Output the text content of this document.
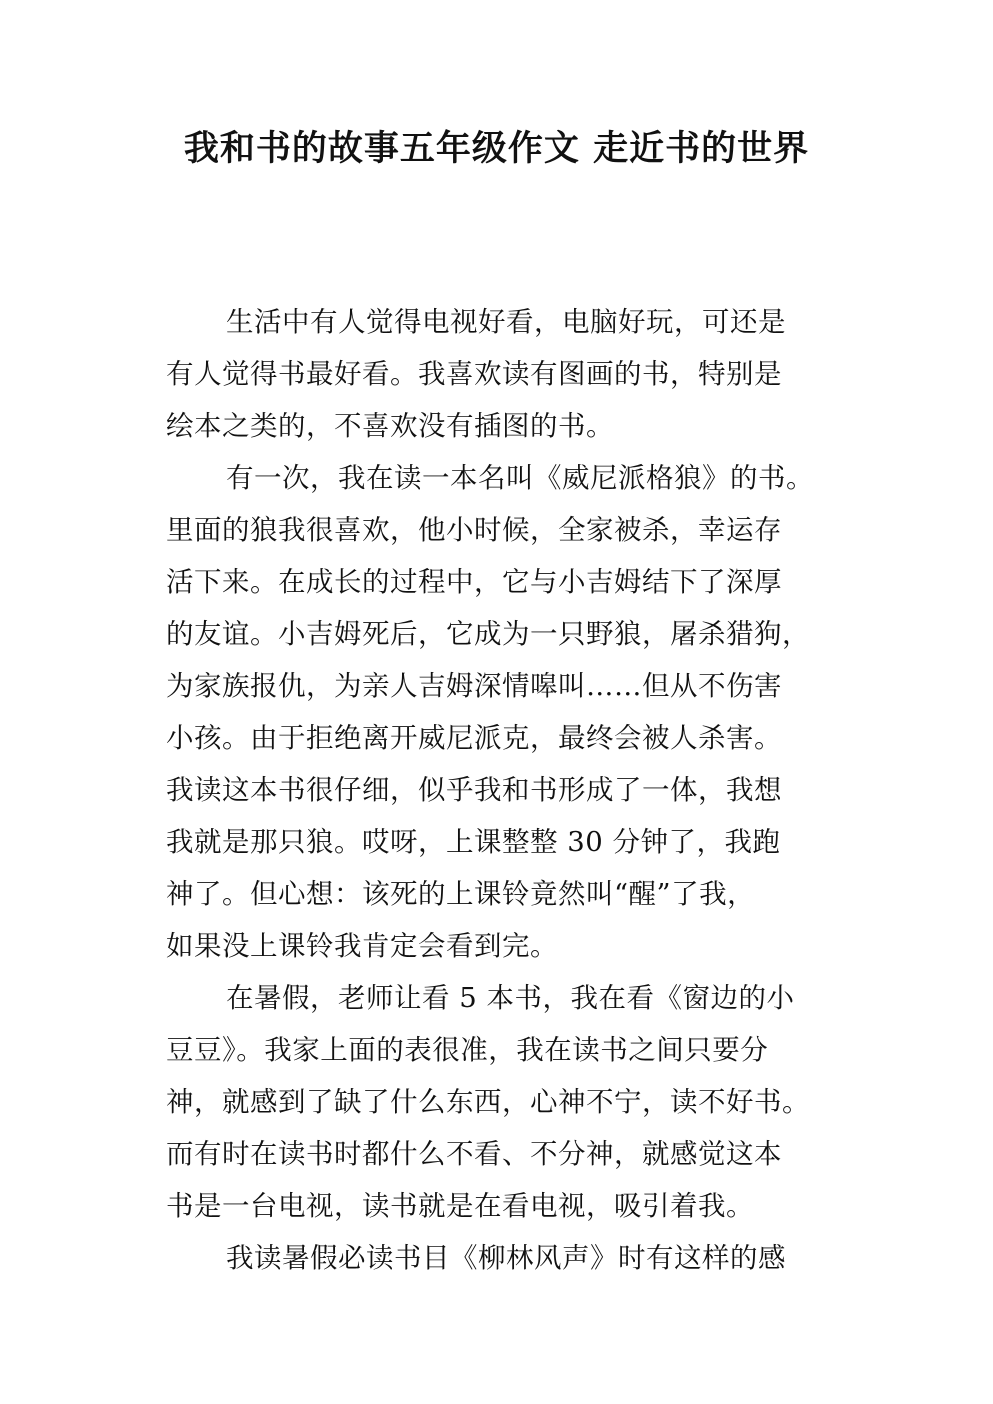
我和书的故事五年级作文 走近书的世界
生活中有人觉得电视好看，电脑好玩，可还是
有人觉得书最好看。我喜欢读有图画的书，特别是
绘本之类的，不喜欢没有插图的书。
有一次，我在读一本名叫《威尼派格狼》的书。
里面的狼我很喜欢，他小时候，全家被杀，幸运存
活下来。在成长的过程中，它与小吉姆结下了深厚
的友谊。小吉姆死后，它成为一只野狼，屠杀猎狗，
为家族报仇，为亲人吉姆深情嗥叫……但从不伤害
小孩。由于拒绝离开威尼派克，最终会被人杀害。
我读这本书很仔细，似乎我和书形成了一体，我想
我就是那只狼。哎呀，上课整整 30 分钟了，我跑
神了。但心想：该死的上课铃竟然叫“醒”了我，
如果没上课铃我肯定会看到完。
在暑假，老师让看 5 本书，我在看《窗边的小
豆豆》。我家上面的表很准，我在读书之间只要分
神，就感到了缺了什么东西，心神不宁，读不好书。
而有时在读书时都什么不看、不分神，就感觉这本
书是一台电视，读书就是在看电视，吸引着我。
我读暑假必读书目《柳林风声》时有这样的感
